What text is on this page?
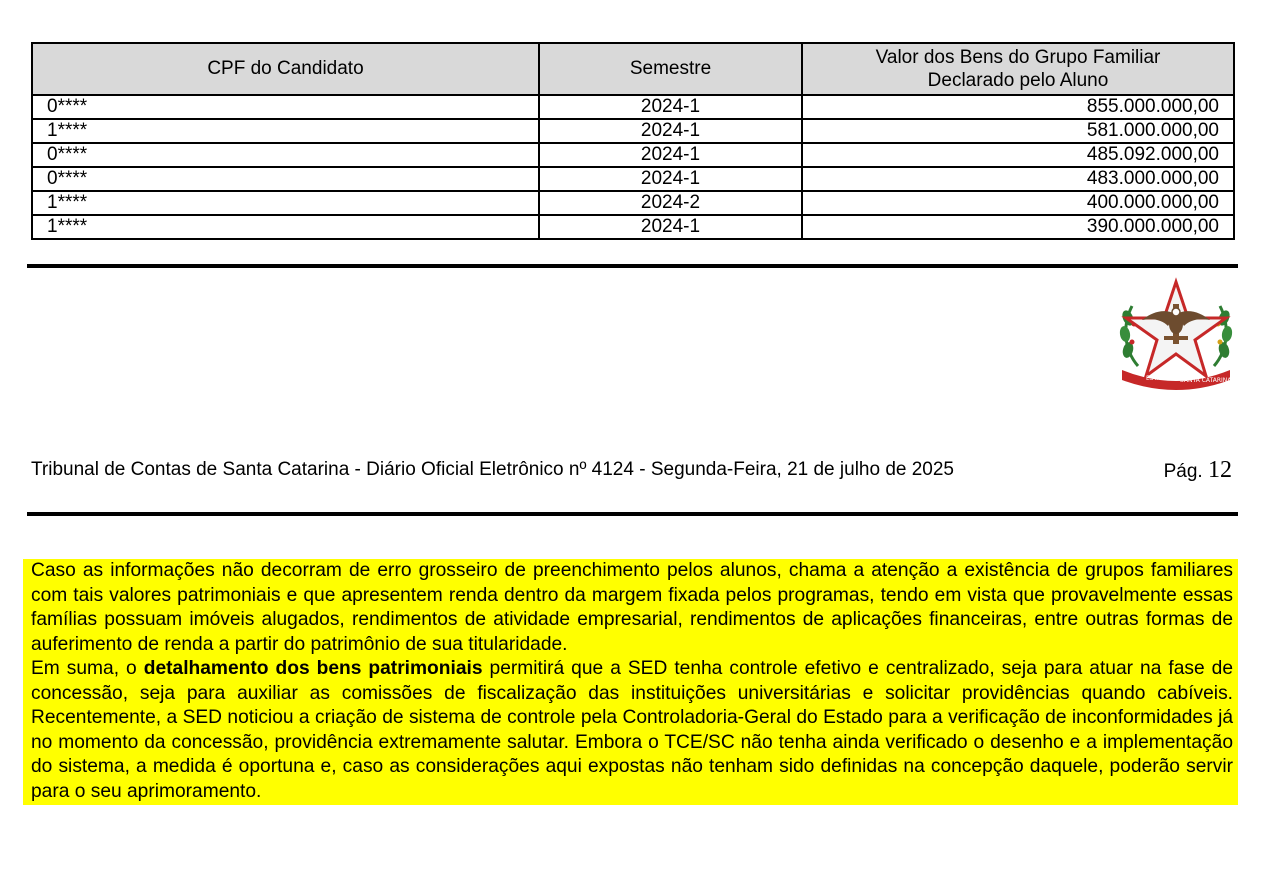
CPF do Candidato	Semestre	Valor dos Bens do Grupo Familiar
Declarado pelo Aluno

0****	2024-1	855.000.000,00
1****	2024-1	581.000.000,00
0****	2024-1	485.092.000,00
0****	2024-1	483.000.000,00
1****	2024-2	400.000.000,00
1****	2024-1	390.000.000,00
ESTADO DE SANTA CATARINA
Tribunal de Contas de Santa Catarina - Diário Oficial Eletrônico nº 4124 - Segunda-Feira, 21 de julho de 2025	Pág. 12

Caso as informações não decorram de erro grosseiro de preenchimento pelos alunos, chama a atenção a existência de grupos familiares com tais valores patrimoniais e que apresentem renda dentro da margem fixada pelos programas, tendo em vista que provavelmente essas famílias possuam imóveis alugados, rendimentos de atividade empresarial, rendimentos de aplicações financeiras, entre outras formas de auferimento de renda a partir do patrimônio de sua titularidade.

Em suma, o detalhamento dos bens patrimoniais permitirá que a SED tenha controle efetivo e centralizado, seja para atuar na fase de concessão, seja para auxiliar as comissões de fiscalização das instituições universitárias e solicitar providências quando cabíveis. Recentemente, a SED noticiou a criação de sistema de controle pela Controladoria-Geral do Estado para a verificação de inconformidades já no momento da concessão, providência extremamente salutar. Embora o TCE/SC não tenha ainda verificado o desenho e a implementação do sistema, a medida é oportuna e, caso as considerações aqui expostas não tenham sido definidas na concepção daquele, poderão servir para o seu aprimoramento.
